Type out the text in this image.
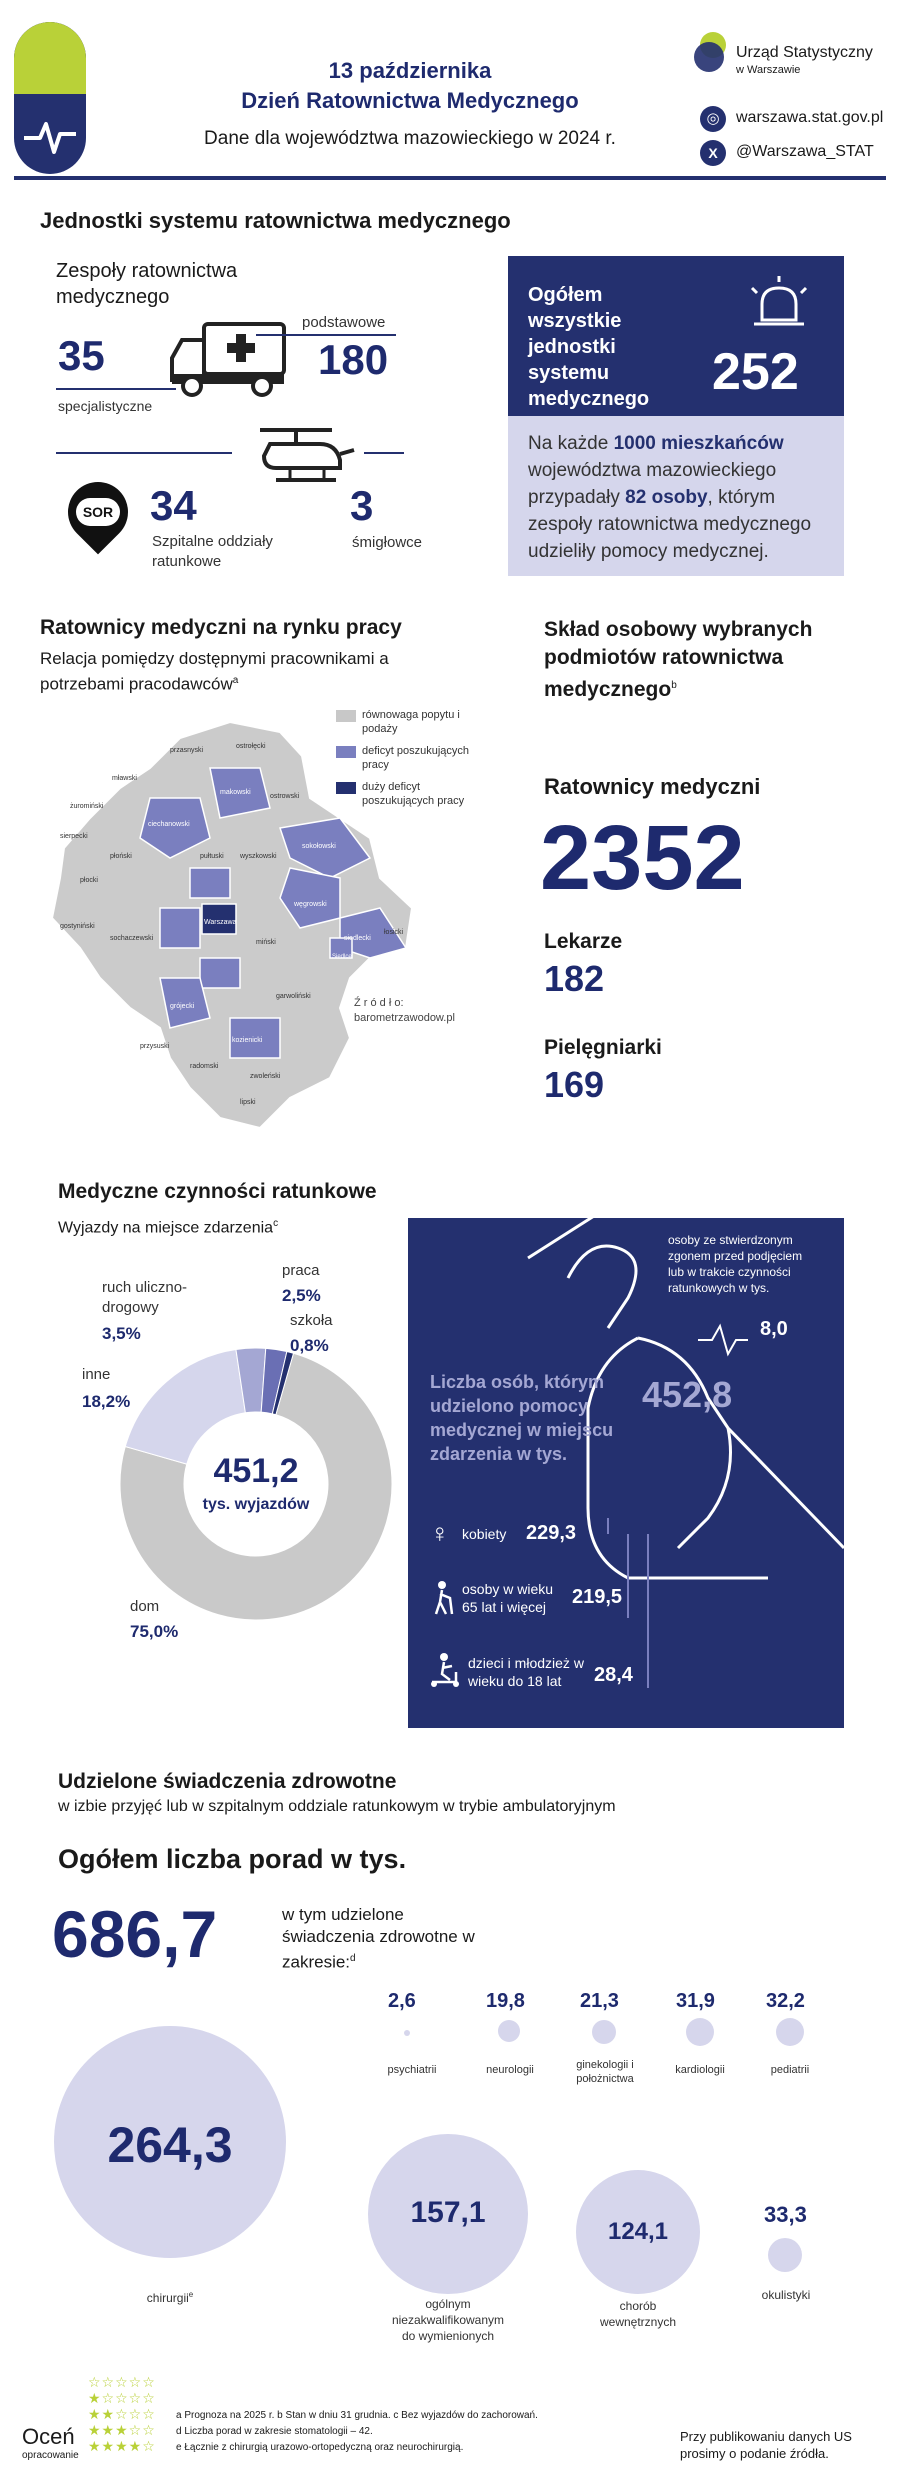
13 października
Dzień Ratownictwa Medycznego
Dane dla województwa mazowieckiego w 2024 r.
Urząd Statystyczny
w Warszawie
◎	warszawa.stat.gov.pl
X	@Warszawa_STAT
Jednostki systemu ratownictwa medycznego
Zespoły ratownictwa medycznego
35
specjalistyczne
podstawowe
180
SOR 34
Szpitalne oddziały ratunkowe
3
śmigłowce
Ogółem wszystkie jednostki systemu medycznego	252
Na każde 1000 mieszkańców województwa mazowieckiego przypadały 82 osoby, którym zespoły ratownictwa medycznego udzieliły pomocy medycznej.
Ratownicy medyczni na rynku pracy
Relacja pomiędzy dostępnymi pracownikami a potrzebami pracodawców$^a$
mławski
przasnyski
ostrołęcki
ostrowski
żuromiński
makowski
ciechanowski
sierpecki
płoński	pułtuski wyszkowski
sokołowski
węgrowski
łosicki
płocki
gostyniński
sochaczewski
Warszawa
miński
siedlecki
Siedlce
grójecki
garwoliński
kozienicki
radomski
przysuski
zwoleński
lipski
równowaga popytu i podaży
deficyt poszukujących pracy
duży deficyt poszukujących pracy
Ź r ó d ł o: barometrzawodow.pl
Skład osobowy wybranych podmiotów ratownictwa medycznego$^b$
Ratownicy medyczni
2352
Lekarze
182
Pielęgniarki
169
Medyczne czynności ratunkowe
Wyjazdy na miejsce zdarzenia$^c$
451,2
tys. wyjazdów
praca
2,5%
szkoła
0,8%
ruch uliczno-drogowy
3,5%
inne
18,2%
dom
75,0%
osoby ze stwierdzonym zgonem przed podjęciem lub w trakcie czynności ratunkowych w tys.
8,0
Liczba osób, którym udzielono pomocy medycznej w miejscu zdarzenia w tys.
452,8
♀ kobiety 229,3
osoby w wieku 65 lat i więcej	219,5
dzieci i młodzież w wieku do 18 lat	28,4
Udzielone świadczenia zdrowotne
w izbie przyjęć lub w szpitalnym oddziale ratunkowym w trybie ambulatoryjnym
Ogółem liczba porad w tys.
686,7	w tym udzielone świadczenia zdrowotne w zakresie:$^d$
2,6
psychiatrii
19,8
neurologii
21,3
ginekologii i położnictwa
31,9
kardiologii
32,2
pediatrii
264,3
chirurgii$^e$
157,1
ogólnym niezakwalifikowanym do wymienionych
124,1
chorób wewnętrznych
33,3
okulistyki
☆☆☆☆☆
★☆☆☆☆
★★☆☆☆
★★★☆☆
★★★★☆
Oceń
opracowanie
a Prognoza na 2025 r. b Stan w dniu 31 grudnia. c Bez wyjazdów do zachorowań.
d Liczba porad w zakresie stomatologii – 42.
e Łącznie z chirurgią urazowo-ortopedyczną oraz neurochirurgią.
Przy publikowaniu danych US prosimy o podanie źródła.
